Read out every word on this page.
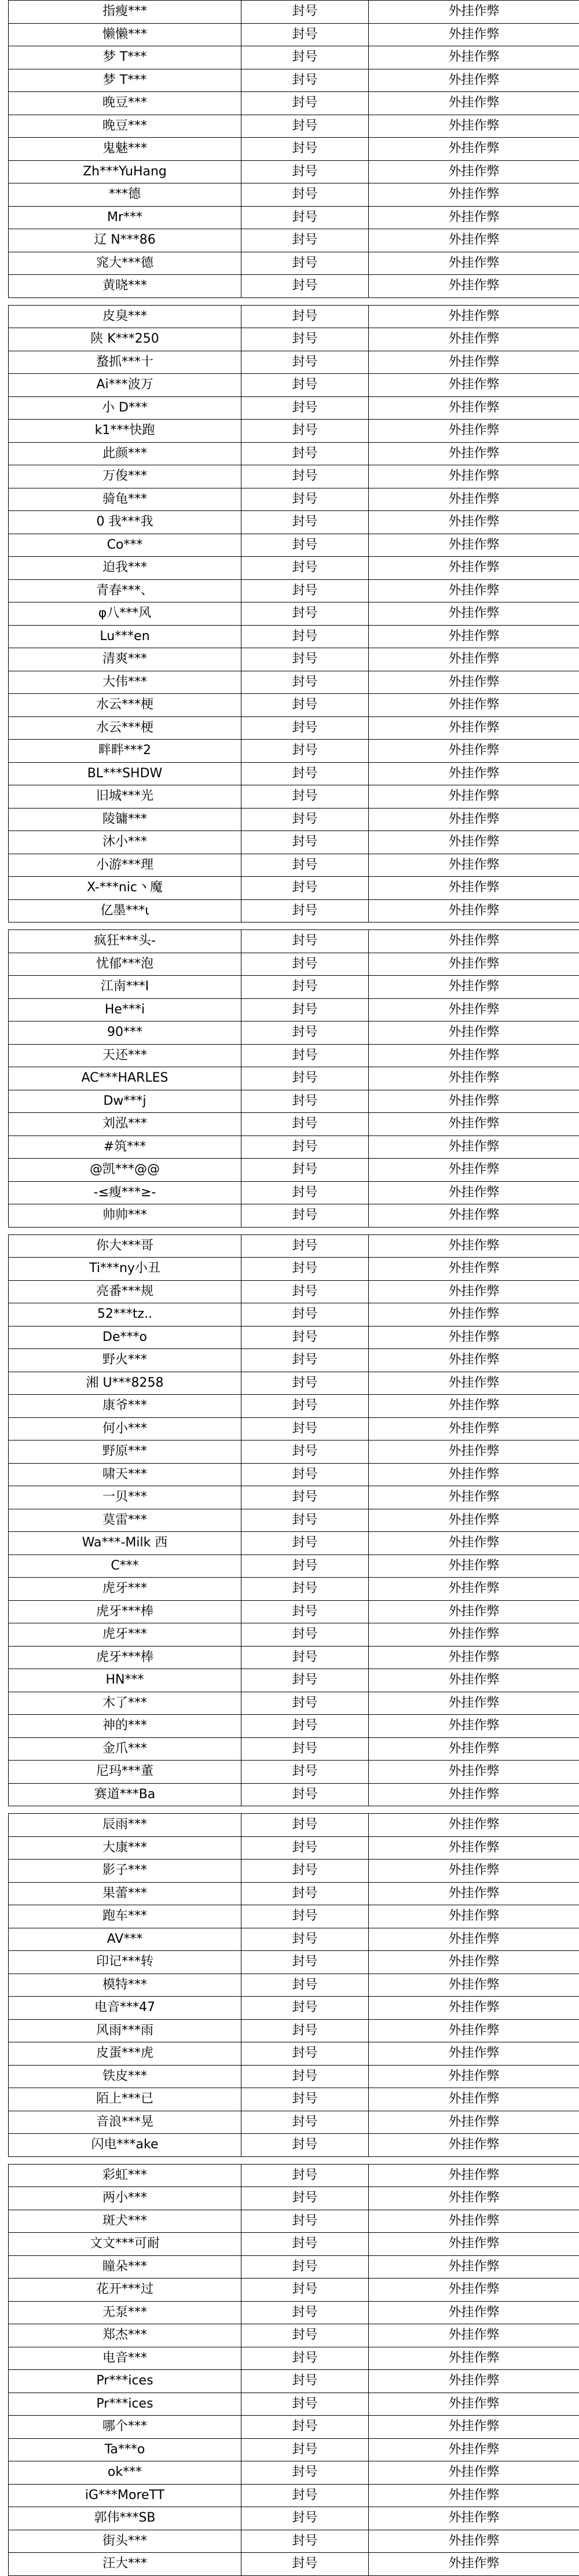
指瘦***	封号	外挂作弊
懒懒***	封号	外挂作弊
梦 T***	封号	外挂作弊
梦 T***	封号	外挂作弊
晚豆***	封号	外挂作弊
晚豆***	封号	外挂作弊
鬼魅***	封号	外挂作弊
Zh***YuHang	封号	外挂作弊
***德	封号	外挂作弊
Mr***	封号	外挂作弊
辽 N***86	封号	外挂作弊
窕大***德	封号	外挂作弊
黄晓***	封号	外挂作弊
皮臭***	封号	外挂作弊
陕 K***250	封号	外挂作弊
蝥抓***十	封号	外挂作弊
Ai***波万	封号	外挂作弊
小 D***	封号	外挂作弊
k1***快跑	封号	外挂作弊
此颜***	封号	外挂作弊
万俊***	封号	外挂作弊
骑龟***	封号	外挂作弊
0 我***我	封号	外挂作弊
Co***	封号	外挂作弊
迫我***	封号	外挂作弊
青春***、	封号	外挂作弊
φ八***风	封号	外挂作弊
Lu***en	封号	外挂作弊
清爽***	封号	外挂作弊
大伟***	封号	外挂作弊
水云***梗	封号	外挂作弊
水云***梗	封号	外挂作弊
畔畔***2	封号	外挂作弊
BL***SHDW	封号	外挂作弊
旧城***光	封号	外挂作弊
陵镛***	封号	外挂作弊
沐小***	封号	外挂作弊
小游***理	封号	外挂作弊
X-***nic丶魔	封号	外挂作弊
亿墨***ι	封号	外挂作弊
疯狂***头-	封号	外挂作弊
忧郁***泡	封号	外挂作弊
江南***I	封号	外挂作弊
He***i	封号	外挂作弊
90***	封号	外挂作弊
天还***	封号	外挂作弊
AC***HARLES	封号	外挂作弊
Dw***j	封号	外挂作弊
刘泓***	封号	外挂作弊
#筑***	封号	外挂作弊
@凯***@@	封号	外挂作弊
-≤瘦***≥-	封号	外挂作弊
帅帅***	封号	外挂作弊
你大***哥	封号	外挂作弊
Ti***ny小丑	封号	外挂作弊
亮番***规	封号	外挂作弊
52***tz..	封号	外挂作弊
De***o	封号	外挂作弊
野火***	封号	外挂作弊
湘 U***8258	封号	外挂作弊
康爷***	封号	外挂作弊
何小***	封号	外挂作弊
野原***	封号	外挂作弊
啸天***	封号	外挂作弊
一贝***	封号	外挂作弊
莫雷***	封号	外挂作弊
Wa***-Milk 西	封号	外挂作弊
C***	封号	外挂作弊
虎牙***	封号	外挂作弊
虎牙***棒	封号	外挂作弊
虎牙***	封号	外挂作弊
虎牙***棒	封号	外挂作弊
HN***	封号	外挂作弊
木了***	封号	外挂作弊
神的***	封号	外挂作弊
金爪***	封号	外挂作弊
尼玛***董	封号	外挂作弊
赛道***Ba	封号	外挂作弊
辰雨***	封号	外挂作弊
大康***	封号	外挂作弊
影子***	封号	外挂作弊
果蕾***	封号	外挂作弊
跑车***	封号	外挂作弊
AV***	封号	外挂作弊
印记***转	封号	外挂作弊
模特***	封号	外挂作弊
电音***47	封号	外挂作弊
风雨***雨	封号	外挂作弊
皮蛋***虎	封号	外挂作弊
铁皮***	封号	外挂作弊
陌上***已	封号	外挂作弊
音浪***晃	封号	外挂作弊
闪电***ake	封号	外挂作弊
彩虹***	封号	外挂作弊
两小***	封号	外挂作弊
斑犬***	封号	外挂作弊
文文***可耐	封号	外挂作弊
瞳朵***	封号	外挂作弊
花开***过	封号	外挂作弊
无泵***	封号	外挂作弊
郑杰***	封号	外挂作弊
电音***	封号	外挂作弊
Pr***ices	封号	外挂作弊
Pr***ices	封号	外挂作弊
哪个***	封号	外挂作弊
Ta***o	封号	外挂作弊
ok***	封号	外挂作弊
iG***MoreTT	封号	外挂作弊
郭伟***SB	封号	外挂作弊
街头***	封号	外挂作弊
汪大***	封号	外挂作弊
